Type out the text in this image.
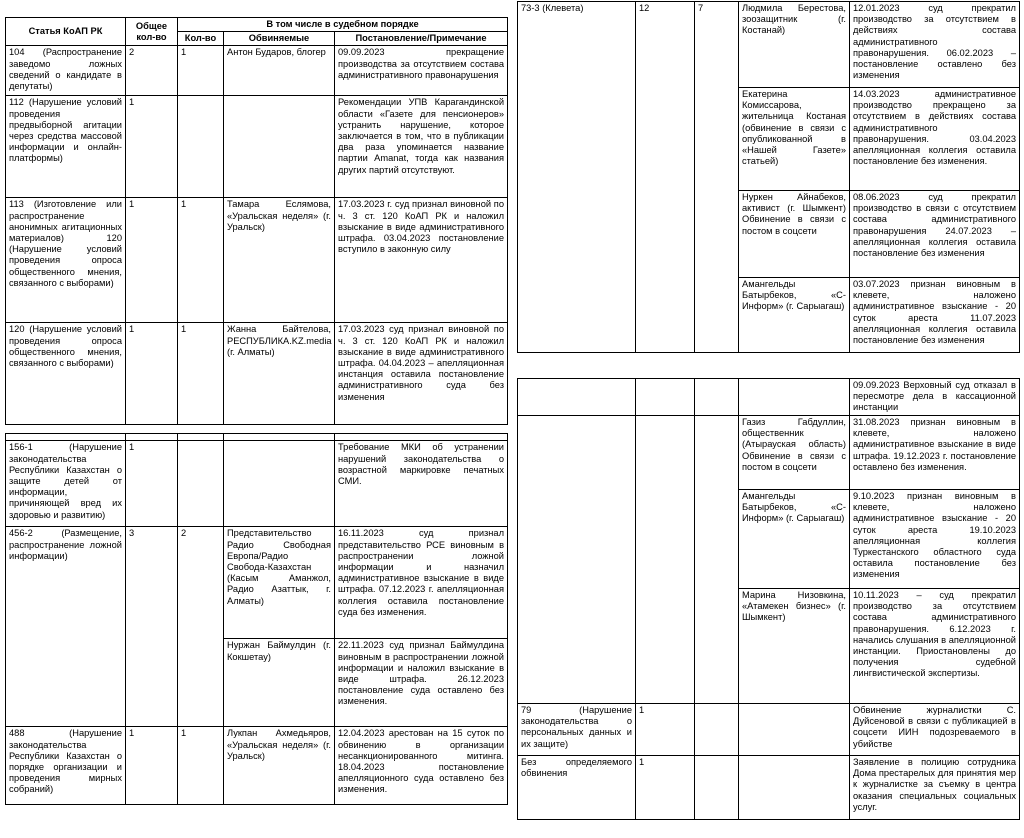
Статья КоАП РК	Общее кол-во	В том числе в судебном порядке		
		Кол-во	Обвиняемые	Постановление/Примечание
104 (Распространение заведомо ложных сведений о кандидате в депутаты)	2	1	Антон Бударов, блогер	09.09.2023 прекращение производства за отсутствием состава административного правонарушения
112 (Нарушение условий проведения предвыборной агитации через средства массовой информации и онлайн-платформы)	1			Рекомендации УПВ Карагандинской области «Газете для пенсионеров» устранить нарушение, которое заключается в том, что в публикации два раза упоминается название партии Amanat, тогда как названия других партий отсутствуют.
113 (Изготовление или распространение анонимных агитационных материалов) 120 (Нарушение условий проведения опроса общественного мнения, связанного с выборами)	1	1	Тамара Еслямова, «Уральская неделя» (г. Уральск)	17.03.2023 г. суд признал виновной по ч. 3 ст. 120 КоАП РК и наложил взыскание в виде административного штрафа. 03.04.2023 постановление вступило в законную силу
120 (Нарушение условий проведения опроса общественного мнения, связанного с выборами)	1	1	Жанна Байтелова, РЕСПУБЛИКА.KZ.media (г. Алматы)	17.03.2023 суд признал виновной по ч. 3 ст. 120 КоАП РК и наложил взыскание в виде административного штрафа. 04.04.2023 – апелляционная инстанция оставила постановление административного суда без изменения

156-1 (Нарушение законодательства Республики Казахстан о защите детей от информации, причиняющей вред их здоровью и развитию)	1			Требование МКИ об устранении нарушений законодательства о возрастной маркировке печатных СМИ.
456-2 (Размещение, распространение ложной информации)	3	2	Представительство Радио Свободная Европа/Радио Свобода-Казахстан (Касым Аманжол, Радио Азаттык, г. Алматы)	16.11.2023 суд признал представительство РСЕ виновным в распространении ложной информации и назначил административное взыскание в виде штрафа. 07.12.2023 г. апелляционная коллегия оставила постановление суда без изменения.
			Нуржан Баймулдин (г. Кокшетау)	22.11.2023 суд признал Баймулдина виновным в распространении ложной информации и наложил взыскание в виде штрафа. 26.12.2023 постановление суда оставлено без изменения.
488 (Нарушение законодательства Республики Казахстан о порядке организации и проведения мирных собраний)	1	1	Лукпан Ахмедьяров, «Уральская неделя» (г. Уральск)	12.04.2023 арестован на 15 суток по обвинению в организации несанкционированного митинга. 18.04.2023 постановление апелляционного суда оставлено без изменения.
73-3 (Клевета)	12	7	Людмила Берестова, зоозащитник (г. Костанай)	12.01.2023 суд прекратил производство за отсутствием в действиях состава административного правонарушения. 06.02.2023 – постановление оставлено без изменения
			Екатерина Комиссарова, жительница Костаная (обвинение в связи с опубликованной в «Нашей Газете» статьей)	14.03.2023 административное производство прекращено за отсутствием в действиях состава административного правонарушения. 03.04.2023 апелляционная коллегия оставила постановление без изменения.
			Нуркен Айнабеков, активист (г. Шымкент) Обвинение в связи с постом в соцсети	08.06.2023 суд прекратил производство в связи с отсутствием состава административного правонарушения 24.07.2023 – апелляционная коллегия оставила постановление без изменения
			Амангельды Батырбеков, «С-Информ» (г. Сарыагаш)	03.07.2023 признан виновным в клевете, наложено административное взыскание - 20 суток ареста 11.07.2023 апелляционная коллегия оставила постановление без изменения
				09.09.2023 Верховный суд отказал в пересмотре дела в кассационной инстанции
			Газиз Габдуллин, общественник (Атырауская область) Обвинение в связи с постом в соцсети	31.08.2023 признан виновным в клевете, наложено административное взыскание в виде штрафа. 19.12.2023 г. постановление оставлено без изменения.
			Амангельды Батырбеков, «С-Информ» (г. Сарыагаш)	9.10.2023 признан виновным в клевете, наложено административное взыскание - 20 суток ареста 19.10.2023 апелляционная коллегия Туркестанского областного суда оставила постановление без изменения
			Марина Низовкина, «Атамекен бизнес» (г. Шымкент)	10.11.2023 – суд прекратил производство за отсутствием состава административного правонарушения. 6.12.2023 г. начались слушания в апелляционной инстанции. Приостановлены до получения судебной лингвистической экспертизы.
79 (Нарушение законодательства о персональных данных и их защите)	1			Обвинение журналистки С. Дуйсеновой в связи с публикацией в соцсети ИИН подозреваемого в убийстве
Без определяемого обвинения	1			Заявление в полицию сотрудника Дома престарелых для принятия мер к журналистке за съемку в центра оказания специальных социальных услуг.
